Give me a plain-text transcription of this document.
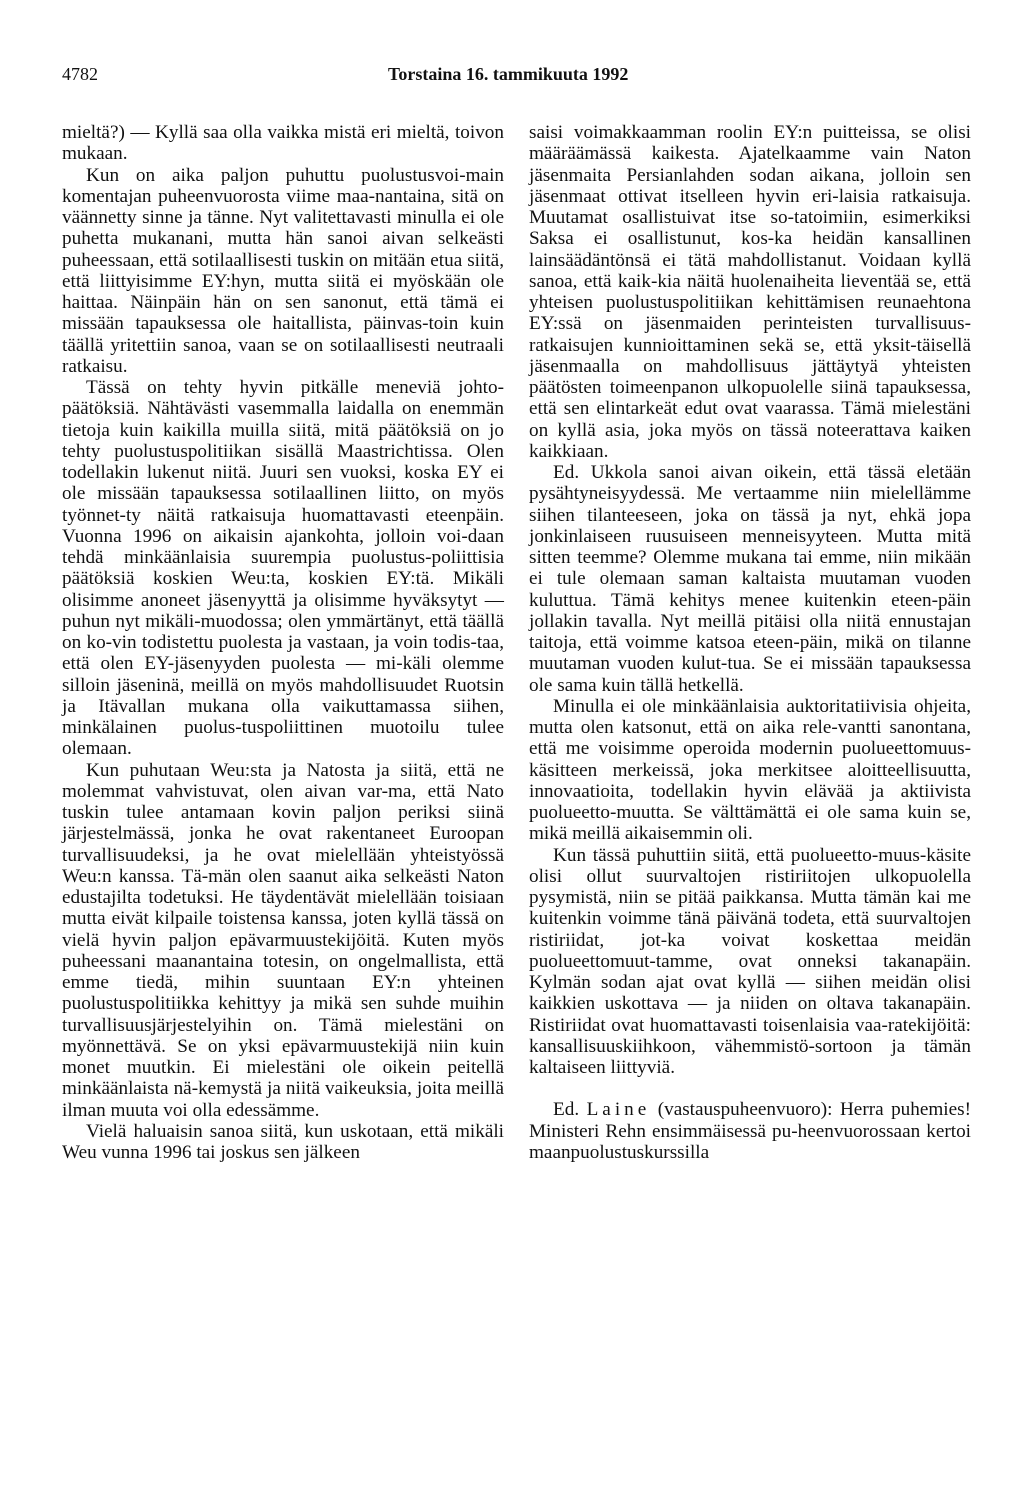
4782	Torstaina 16. tammikuuta 1992

mieltä?) — Kyllä saa olla vaikka mistä eri mieltä, toivon mukaan.

Kun on aika paljon puhuttu puolustusvoi-main komentajan puheenvuorosta viime maa-nantaina, sitä on väännetty sinne ja tänne. Nyt valitettavasti minulla ei ole puhetta mukanani, mutta hän sanoi aivan selkeästi puheessaan, että sotilaallisesti tuskin on mitään etua siitä, että liittyisimme EY:hyn, mutta siitä ei myöskään ole haittaa. Näinpäin hän on sen sanonut, että tämä ei missään tapauksessa ole haitallista, päinvas-toin kuin täällä yritettiin sanoa, vaan se on sotilaallisesti neutraali ratkaisu.

Tässä on tehty hyvin pitkälle meneviä johto-päätöksiä. Nähtävästi vasemmalla laidalla on enemmän tietoja kuin kaikilla muilla siitä, mitä päätöksiä on jo tehty puolustuspolitiikan sisällä Maastrichtissa. Olen todellakin lukenut niitä. Juuri sen vuoksi, koska EY ei ole missään tapauksessa sotilaallinen liitto, on myös työnnet-ty näitä ratkaisuja huomattavasti eteenpäin. Vuonna 1996 on aikaisin ajankohta, jolloin voi-daan tehdä minkäänlaisia suurempia puolustus-poliittisia päätöksiä koskien Weu:ta, koskien EY:tä. Mikäli olisimme anoneet jäsenyyttä ja olisimme hyväksytyt — puhun nyt mikäli-muodossa; olen ymmärtänyt, että täällä on ko-vin todistettu puolesta ja vastaan, ja voin todis-taa, että olen EY-jäsenyyden puolesta — mi-käli olemme silloin jäseninä, meillä on myös mahdollisuudet Ruotsin ja Itävallan mukana olla vaikuttamassa siihen, minkälainen puolus-tuspoliittinen muotoilu tulee olemaan.

Kun puhutaan Weu:sta ja Natosta ja siitä, että ne molemmat vahvistuvat, olen aivan var-ma, että Nato tuskin tulee antamaan kovin paljon periksi siinä järjestelmässä, jonka he ovat rakentaneet Euroopan turvallisuudeksi, ja he ovat mielellään yhteistyössä Weu:n kanssa. Tä-män olen saanut aika selkeästi Naton edustajilta todetuksi. He täydentävät mielellään toisiaan mutta eivät kilpaile toistensa kanssa, joten kyllä tässä on vielä hyvin paljon epävarmuustekijöitä. Kuten myös puheessani maanantaina totesin, on ongelmallista, että emme tiedä, mihin suuntaan EY:n yhteinen puolustuspolitiikka kehittyy ja mikä sen suhde muihin turvallisuusjärjestelyihin on. Tämä mielestäni on myönnettävä. Se on yksi epävarmuustekijä niin kuin monet muutkin. Ei mielestäni ole oikein peitellä minkäänlaista nä-kemystä ja niitä vaikeuksia, joita meillä ilman muuta voi olla edessämme.

Vielä haluaisin sanoa siitä, kun uskotaan, että mikäli Weu vunna 1996 tai joskus sen jälkeen

saisi voimakkaamman roolin EY:n puitteissa, se olisi määräämässä kaikesta. Ajatelkaamme vain Naton jäsenmaita Persianlahden sodan aikana, jolloin sen jäsenmaat ottivat itselleen hyvin eri-laisia ratkaisuja. Muutamat osallistuivat itse so-tatoimiin, esimerkiksi Saksa ei osallistunut, kos-ka heidän kansallinen lainsäädäntönsä ei tätä mahdollistanut. Voidaan kyllä sanoa, että kaik-kia näitä huolenaiheita lieventää se, että yhteisen puolustuspolitiikan kehittämisen reunaehtona EY:ssä on jäsenmaiden perinteisten turvallisuus-ratkaisujen kunnioittaminen sekä se, että yksit-täisellä jäsenmaalla on mahdollisuus jättäytyä yhteisten päätösten toimeenpanon ulkopuolelle siinä tapauksessa, että sen elintarkeät edut ovat vaarassa. Tämä mielestäni on kyllä asia, joka myös on tässä noteerattava kaiken kaikkiaan.

Ed. Ukkola sanoi aivan oikein, että tässä eletään pysähtyneisyydessä. Me vertaamme niin mielellämme siihen tilanteeseen, joka on tässä ja nyt, ehkä jopa jonkinlaiseen ruusuiseen menneisyyteen. Mutta mitä sitten teemme? Olemme mukana tai emme, niin mikään ei tule olemaan saman kaltaista muutaman vuoden kuluttua. Tämä kehitys menee kuitenkin eteen-päin jollakin tavalla. Nyt meillä pitäisi olla niitä ennustajan taitoja, että voimme katsoa eteen-päin, mikä on tilanne muutaman vuoden kulut-tua. Se ei missään tapauksessa ole sama kuin tällä hetkellä.

Minulla ei ole minkäänlaisia auktoritatiivisia ohjeita, mutta olen katsonut, että on aika rele-vantti sanontana, että me voisimme operoida modernin puolueettomuus-käsitteen merkeissä, joka merkitsee aloitteellisuutta, innovaatioita, todellakin hyvin elävää ja aktiivista puolueetto-muutta. Se välttämättä ei ole sama kuin se, mikä meillä aikaisemmin oli.

Kun tässä puhuttiin siitä, että puolueetto-muus-käsite olisi ollut suurvaltojen ristiriitojen ulkopuolella pysymistä, niin se pitää paikkansa. Mutta tämän kai me kuitenkin voimme tänä päivänä todeta, että suurvaltojen ristiriidat, jot-ka voivat koskettaa meidän puolueettomuut-tamme, ovat onneksi takanapäin. Kylmän sodan ajat ovat kyllä — siihen meidän olisi kaikkien uskottava — ja niiden on oltava takanapäin. Ristiriidat ovat huomattavasti toisenlaisia vaa-ratekijöitä: kansallisuuskiihkoon, vähemmistö-sortoon ja tämän kaltaiseen liittyviä.

Ed. Laine (vastauspuheenvuoro): Herra puhemies! Ministeri Rehn ensimmäisessä pu-heenvuorossaan kertoi maanpuolustuskurssilla
